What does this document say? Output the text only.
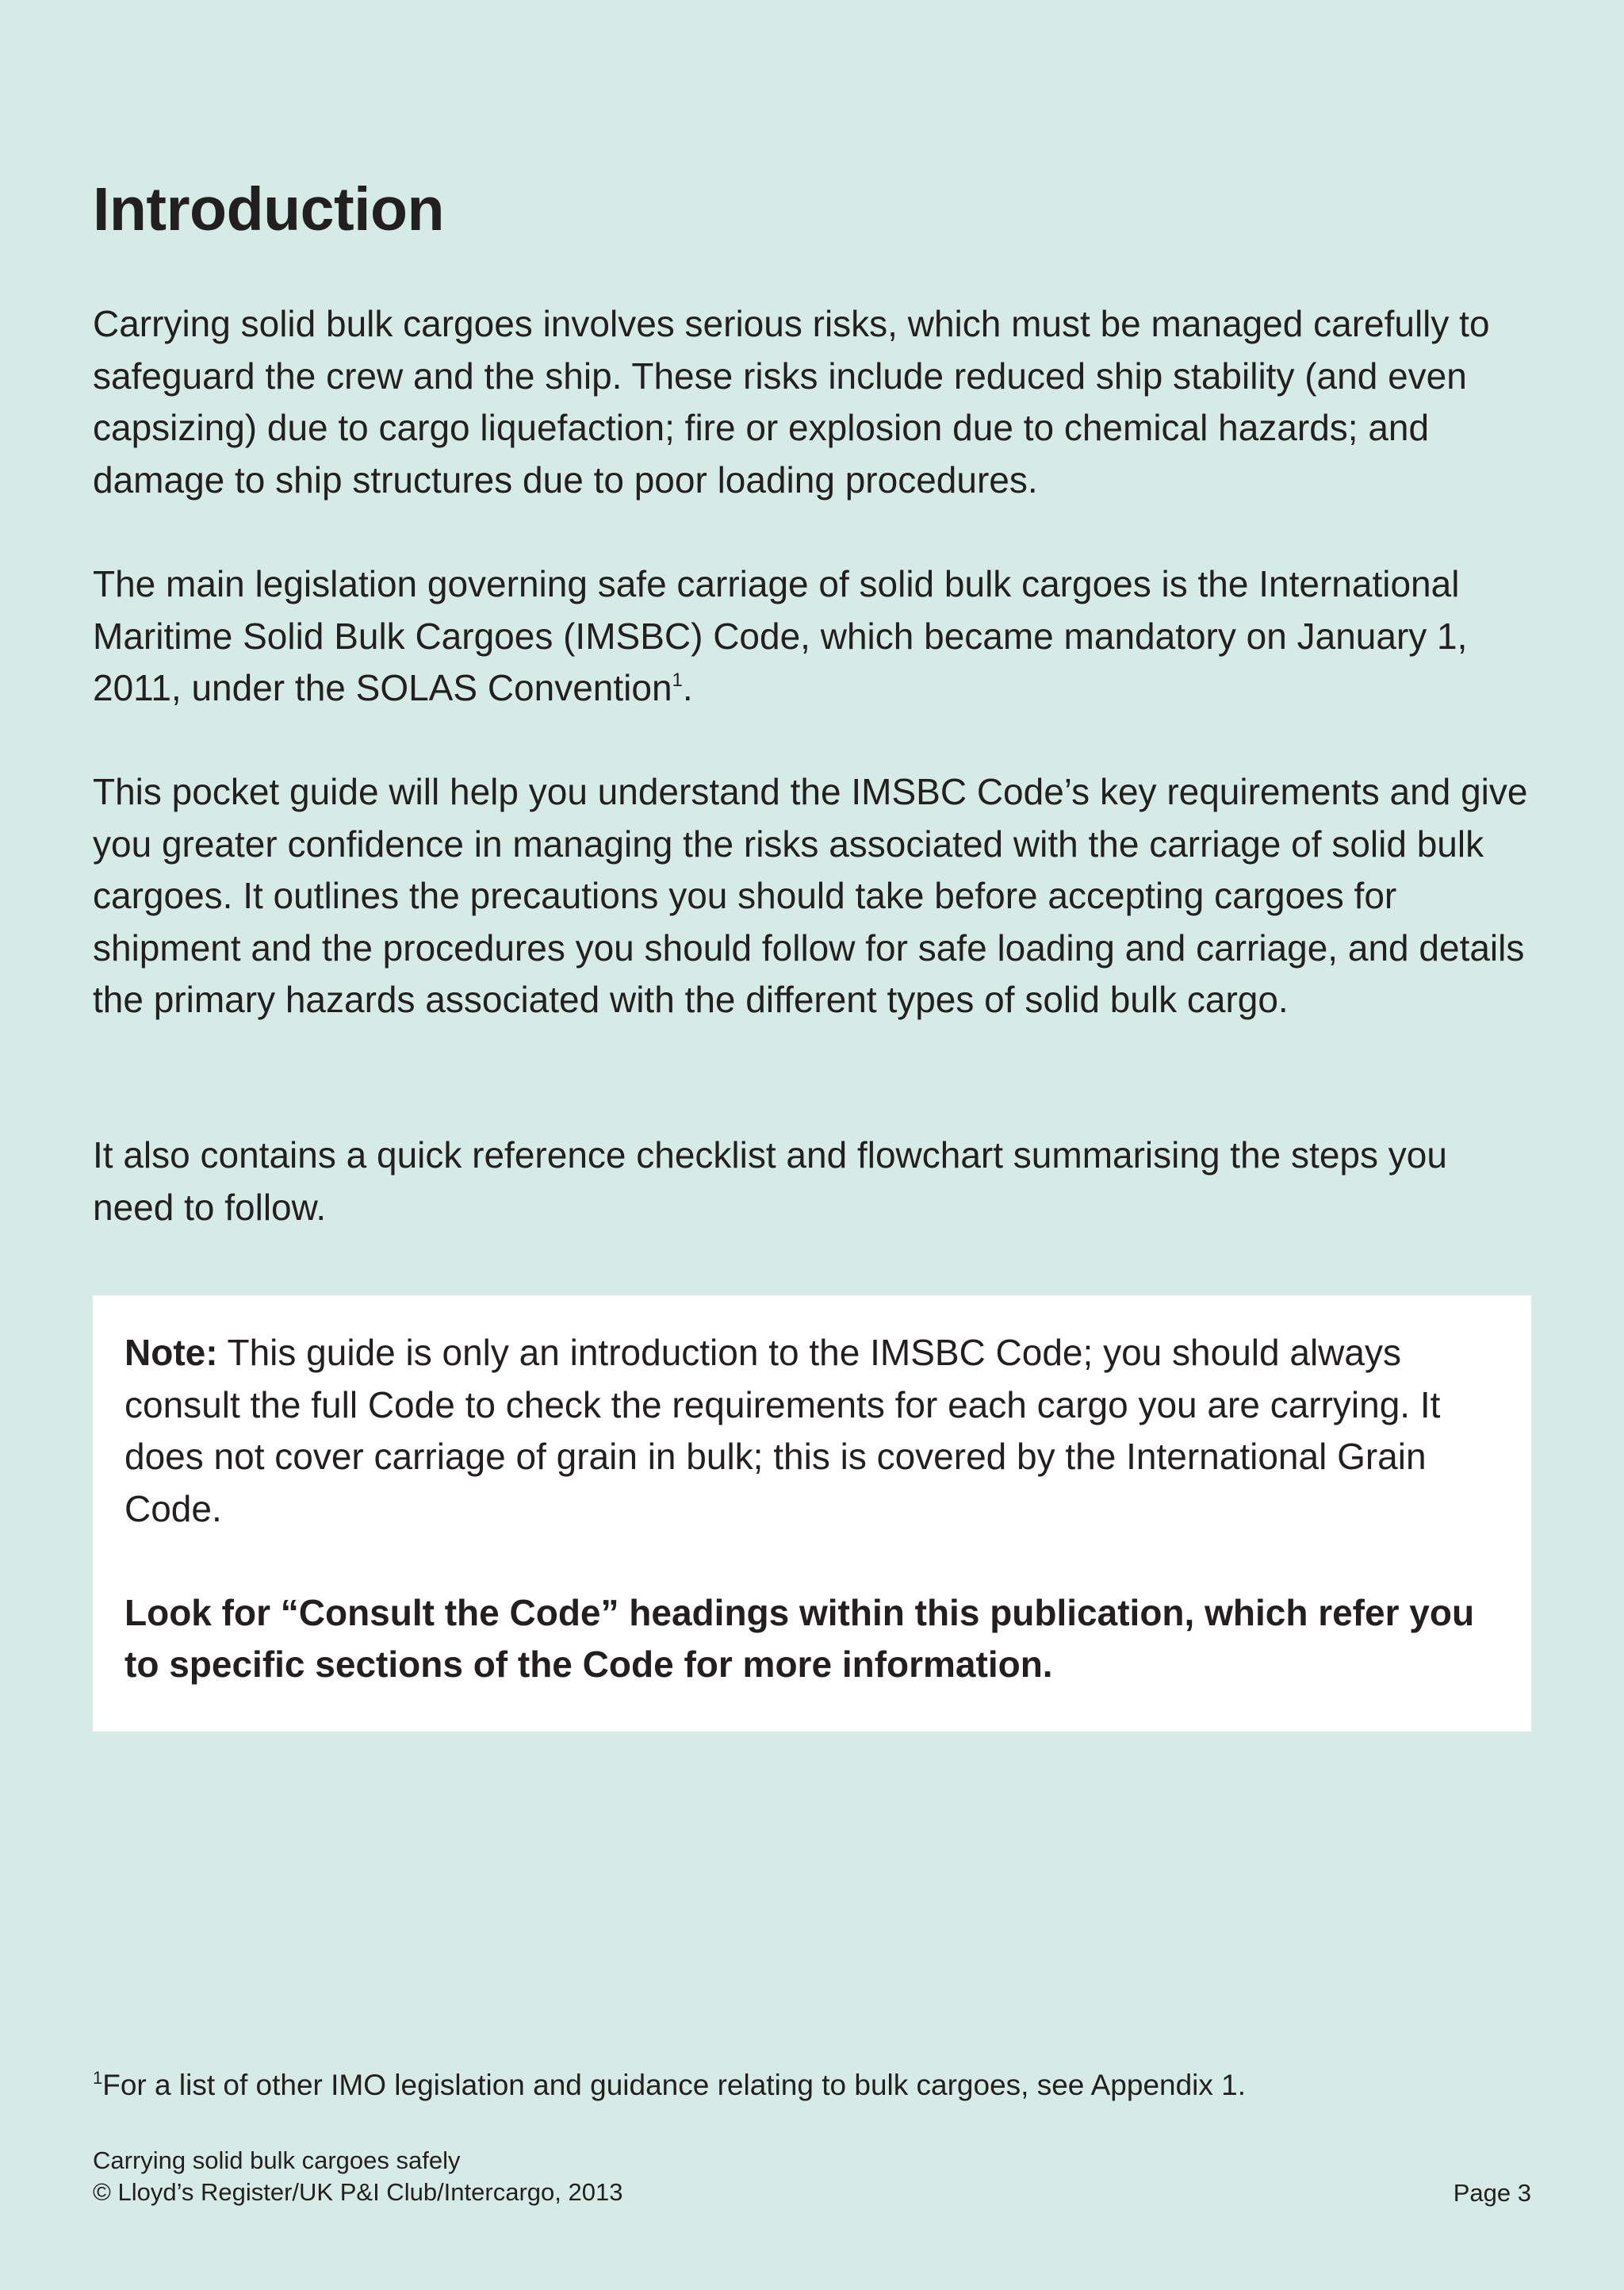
Introduction

Carrying solid bulk cargoes involves serious risks, which must be managed carefully to safeguard the crew and the ship. These risks include reduced ship stability (and even capsizing) due to cargo liquefaction; fire or explosion due to chemical hazards; and damage to ship structures due to poor loading procedures.

The main legislation governing safe carriage of solid bulk cargoes is the International Maritime Solid Bulk Cargoes (IMSBC) Code, which became mandatory on January 1, 2011, under the SOLAS Convention$^1$.

This pocket guide will help you understand the IMSBC Code’s key requirements and give you greater confidence in managing the risks associated with the carriage of solid bulk cargoes. It outlines the precautions you should take before accepting cargoes for shipment and the procedures you should follow for safe loading and carriage, and details the primary hazards associated with the different types of solid bulk cargo.

It also contains a quick reference checklist and flowchart summarising the steps you need to follow.

Note: This guide is only an introduction to the IMSBC Code; you should always consult the full Code to check the requirements for each cargo you are carrying. It does not cover carriage of grain in bulk; this is covered by the International Grain Code.

Look for “Consult the Code” headings within this publication, which refer you to specific sections of the Code for more information.

$^1$For a list of other IMO legislation and guidance relating to bulk cargoes, see Appendix 1.

Carrying solid bulk cargoes safely
© Lloyd’s Register/UK P&I Club/Intercargo, 2013	Page 3
